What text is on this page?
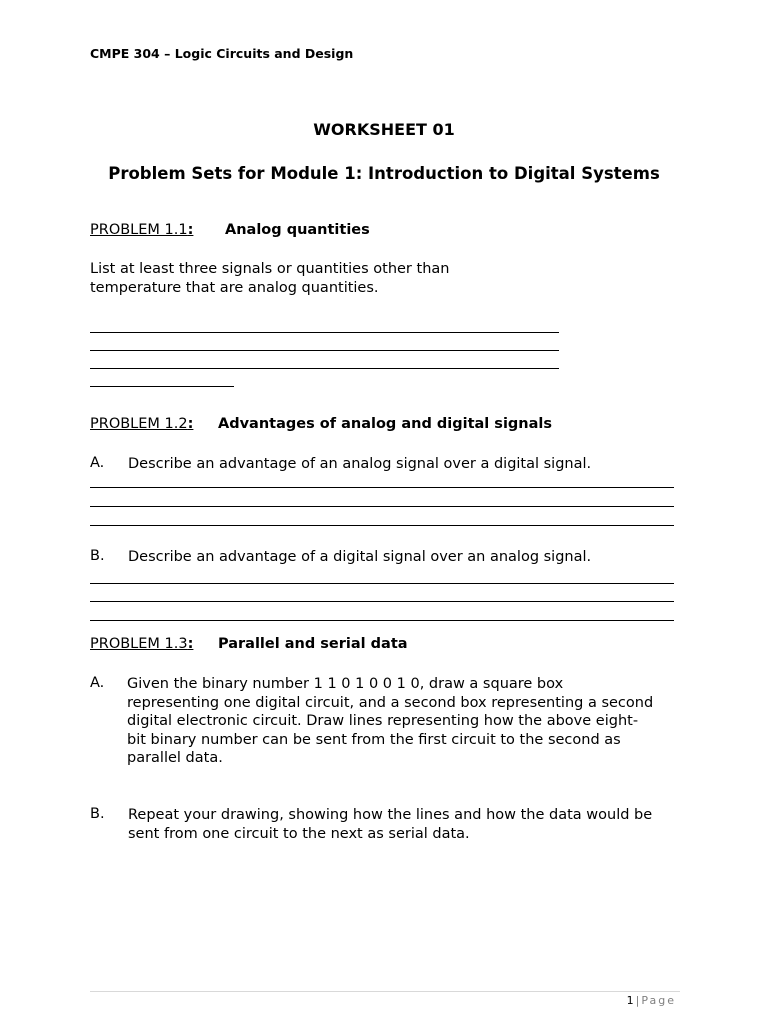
CMPE 304 – Logic Circuits and Design
WORKSHEET 01
Problem Sets for Module 1: Introduction to Digital Systems
PROBLEM 1.1: Analog quantities
List at least three signals or quantities other than
temperature that are analog quantities.
PROBLEM 1.2: Advantages of analog and digital signals
A. Describe an advantage of an analog signal over a digital signal.
B. Describe an advantage of a digital signal over an analog signal.
PROBLEM 1.3: Parallel and serial data
A. Given the binary number 1 1 0 1 0 0 1 0, draw a square box
representing one digital circuit, and a second box representing a second
digital electronic circuit. Draw lines representing how the above eight-
bit binary number can be sent from the first circuit to the second as
parallel data.
B. Repeat your drawing, showing how the lines and how the data would be
sent from one circuit to the next as serial data.
1 | Page
